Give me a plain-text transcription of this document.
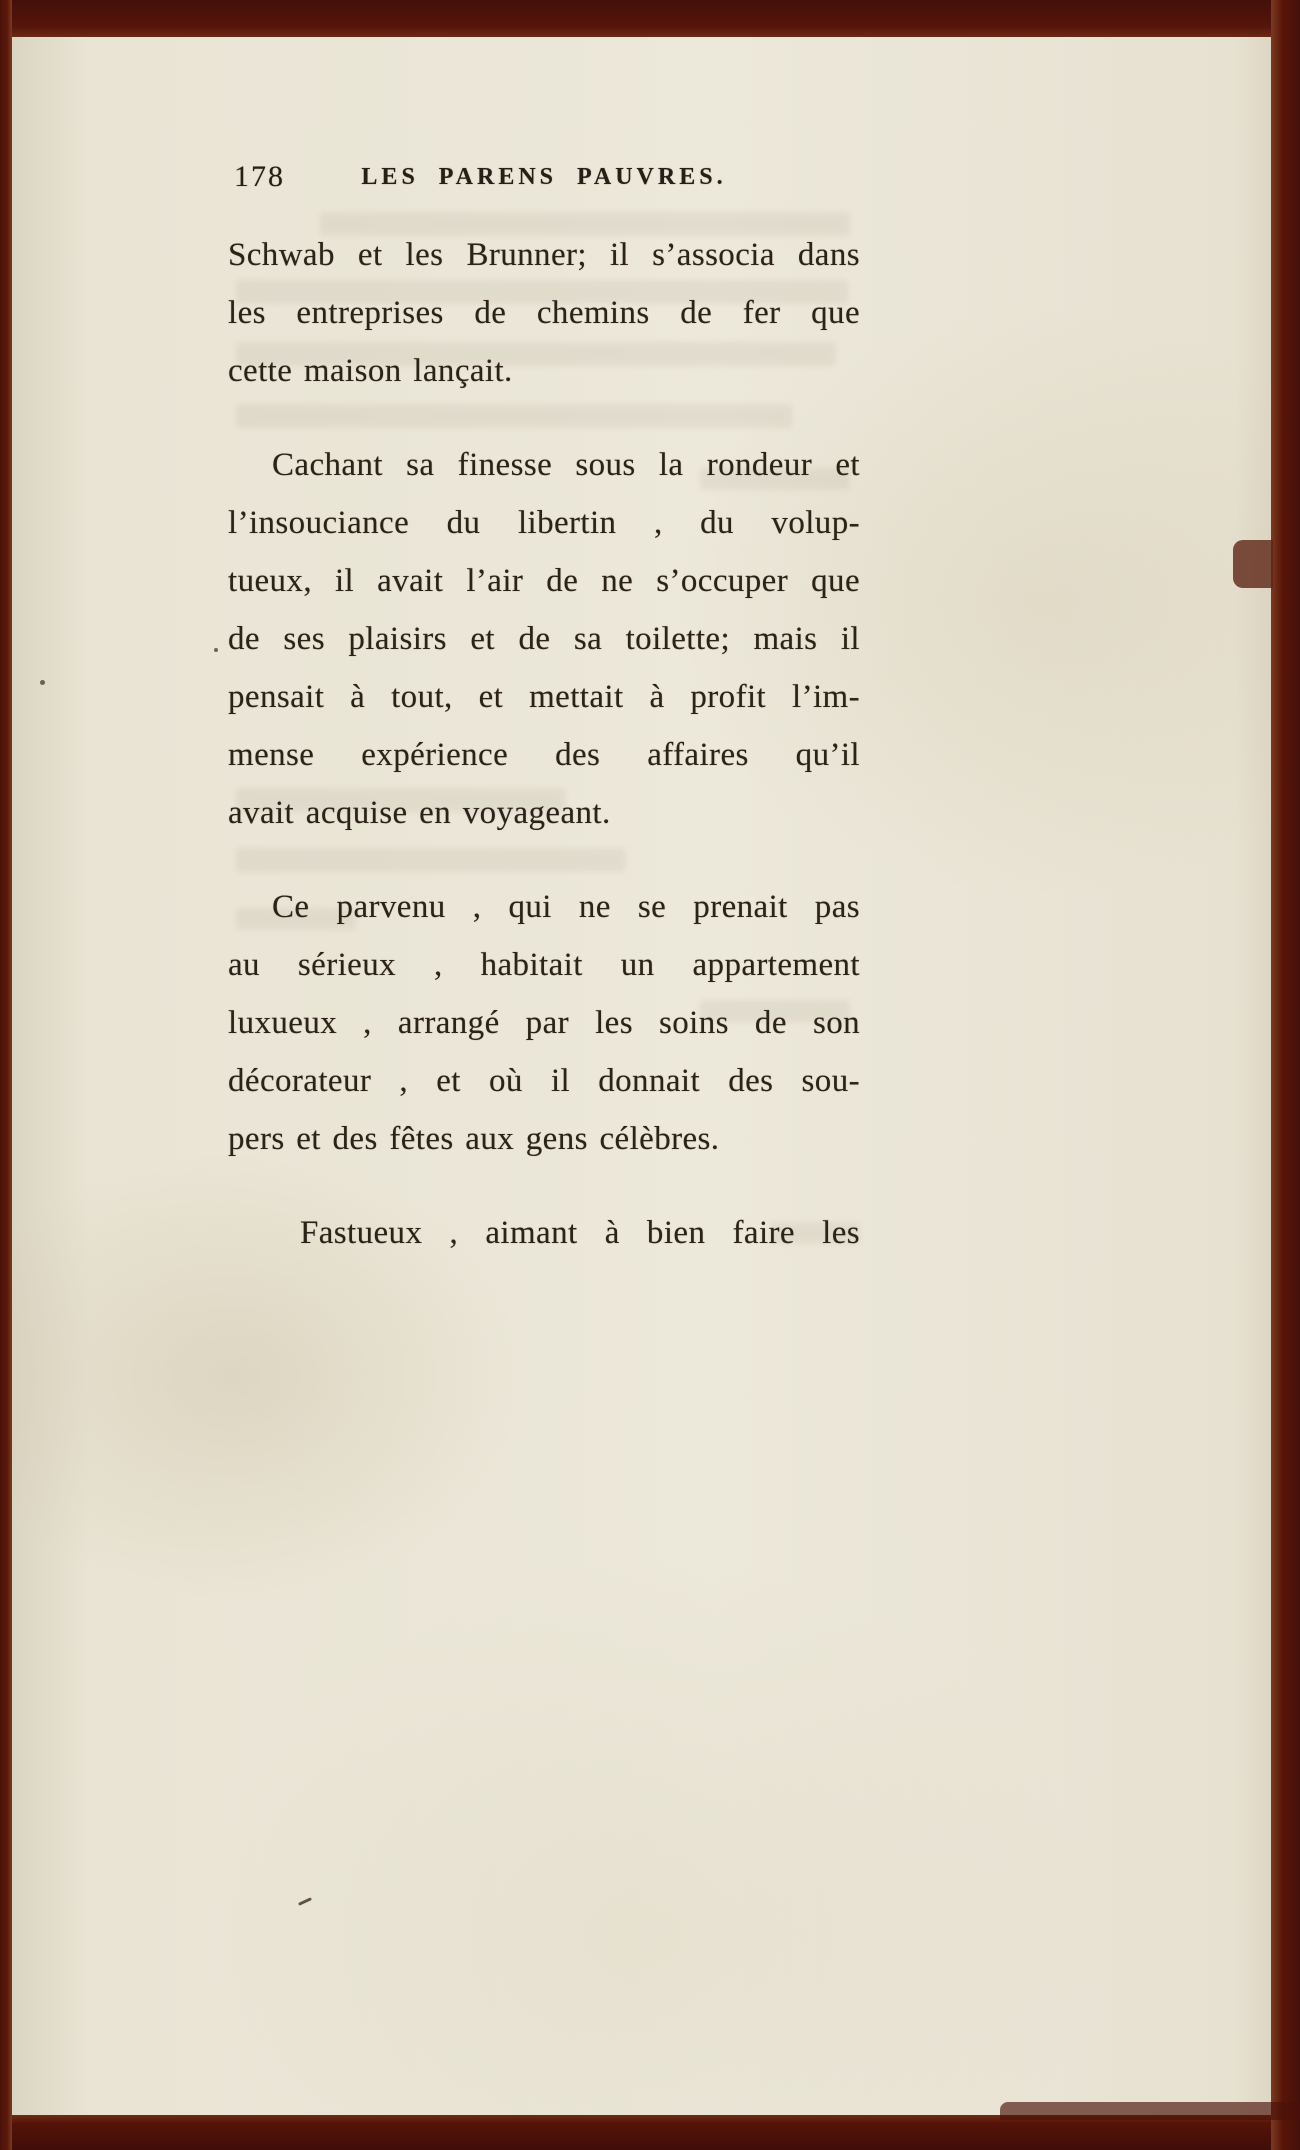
178	LES PARENS PAUVRES.
Schwab et les Brunner; il s’associa dans
les entreprises de chemins de fer que
cette maison lançait.
Cachant sa finesse sous la rondeur et
l’insouciance du libertin , du volup-
tueux, il avait l’air de ne s’occuper que
de ses plaisirs et de sa toilette; mais il
pensait à tout, et mettait à profit l’im-
mense expérience des affaires qu’il
avait acquise en voyageant.
Ce parvenu , qui ne se prenait pas
au sérieux , habitait un appartement
luxueux , arrangé par les soins de son
décorateur , et où il donnait des sou-
pers et des fêtes aux gens célèbres.
Fastueux , aimant à bien faire les
